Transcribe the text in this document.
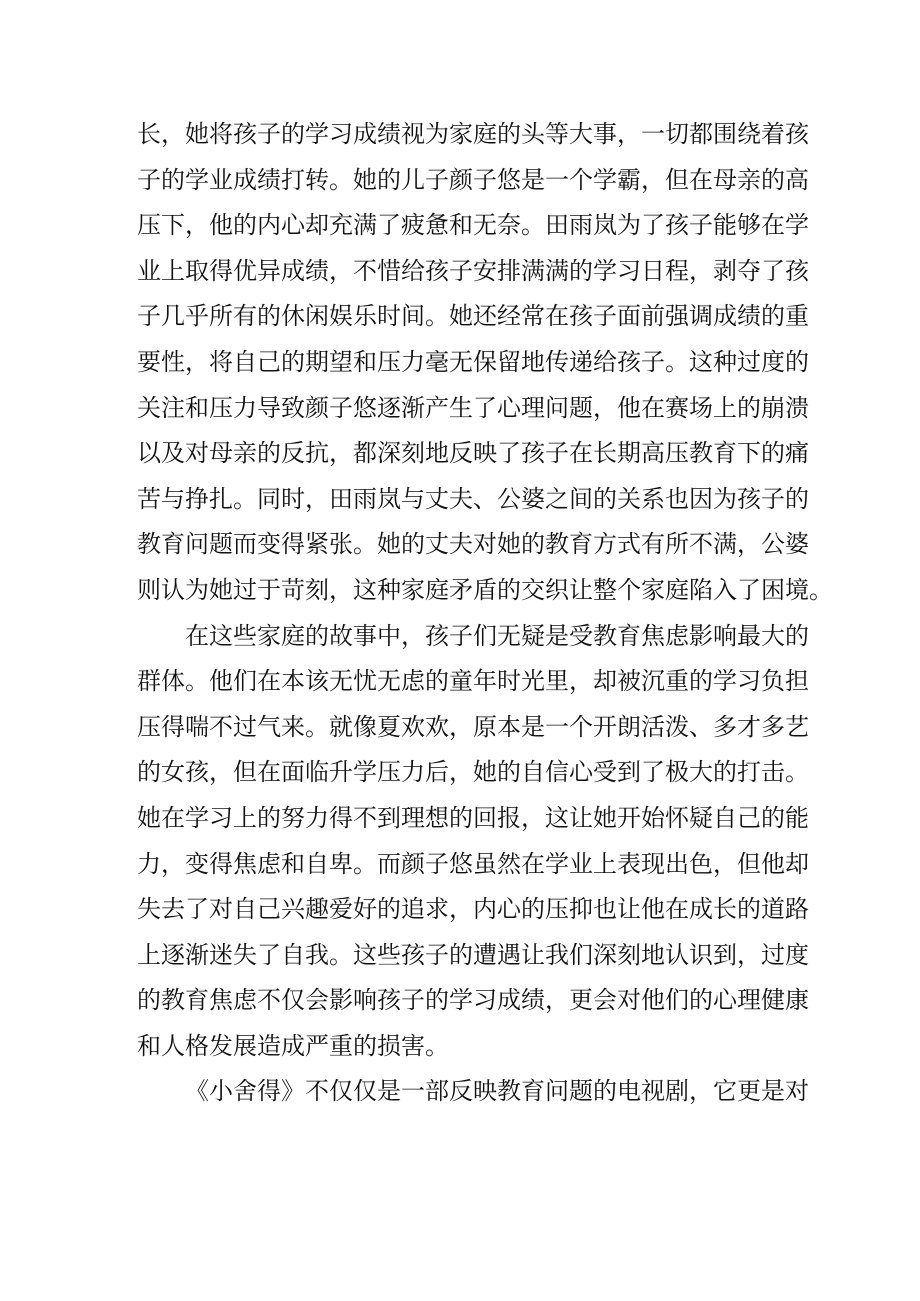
长，她将孩子的学习成绩视为家庭的头等大事，一切都围绕着孩
子的学业成绩打转。她的儿子颜子悠是一个学霸，但在母亲的高
压下，他的内心却充满了疲惫和无奈。田雨岚为了孩子能够在学
业上取得优异成绩，不惜给孩子安排满满的学习日程，剥夺了孩
子几乎所有的休闲娱乐时间。她还经常在孩子面前强调成绩的重
要性，将自己的期望和压力毫无保留地传递给孩子。这种过度的
关注和压力导致颜子悠逐渐产生了心理问题，他在赛场上的崩溃
以及对母亲的反抗，都深刻地反映了孩子在长期高压教育下的痛
苦与挣扎。同时，田雨岚与丈夫、公婆之间的关系也因为孩子的
教育问题而变得紧张。她的丈夫对她的教育方式有所不满，公婆
则认为她过于苛刻，这种家庭矛盾的交织让整个家庭陷入了困境。
在这些家庭的故事中，孩子们无疑是受教育焦虑影响最大的
群体。他们在本该无忧无虑的童年时光里，却被沉重的学习负担
压得喘不过气来。就像夏欢欢，原本是一个开朗活泼、多才多艺
的女孩，但在面临升学压力后，她的自信心受到了极大的打击。
她在学习上的努力得不到理想的回报，这让她开始怀疑自己的能
力，变得焦虑和自卑。而颜子悠虽然在学业上表现出色，但他却
失去了对自己兴趣爱好的追求，内心的压抑也让他在成长的道路
上逐渐迷失了自我。这些孩子的遭遇让我们深刻地认识到，过度
的教育焦虑不仅会影响孩子的学习成绩，更会对他们的心理健康
和人格发展造成严重的损害。
《小舍得》不仅仅是一部反映教育问题的电视剧，它更是对
